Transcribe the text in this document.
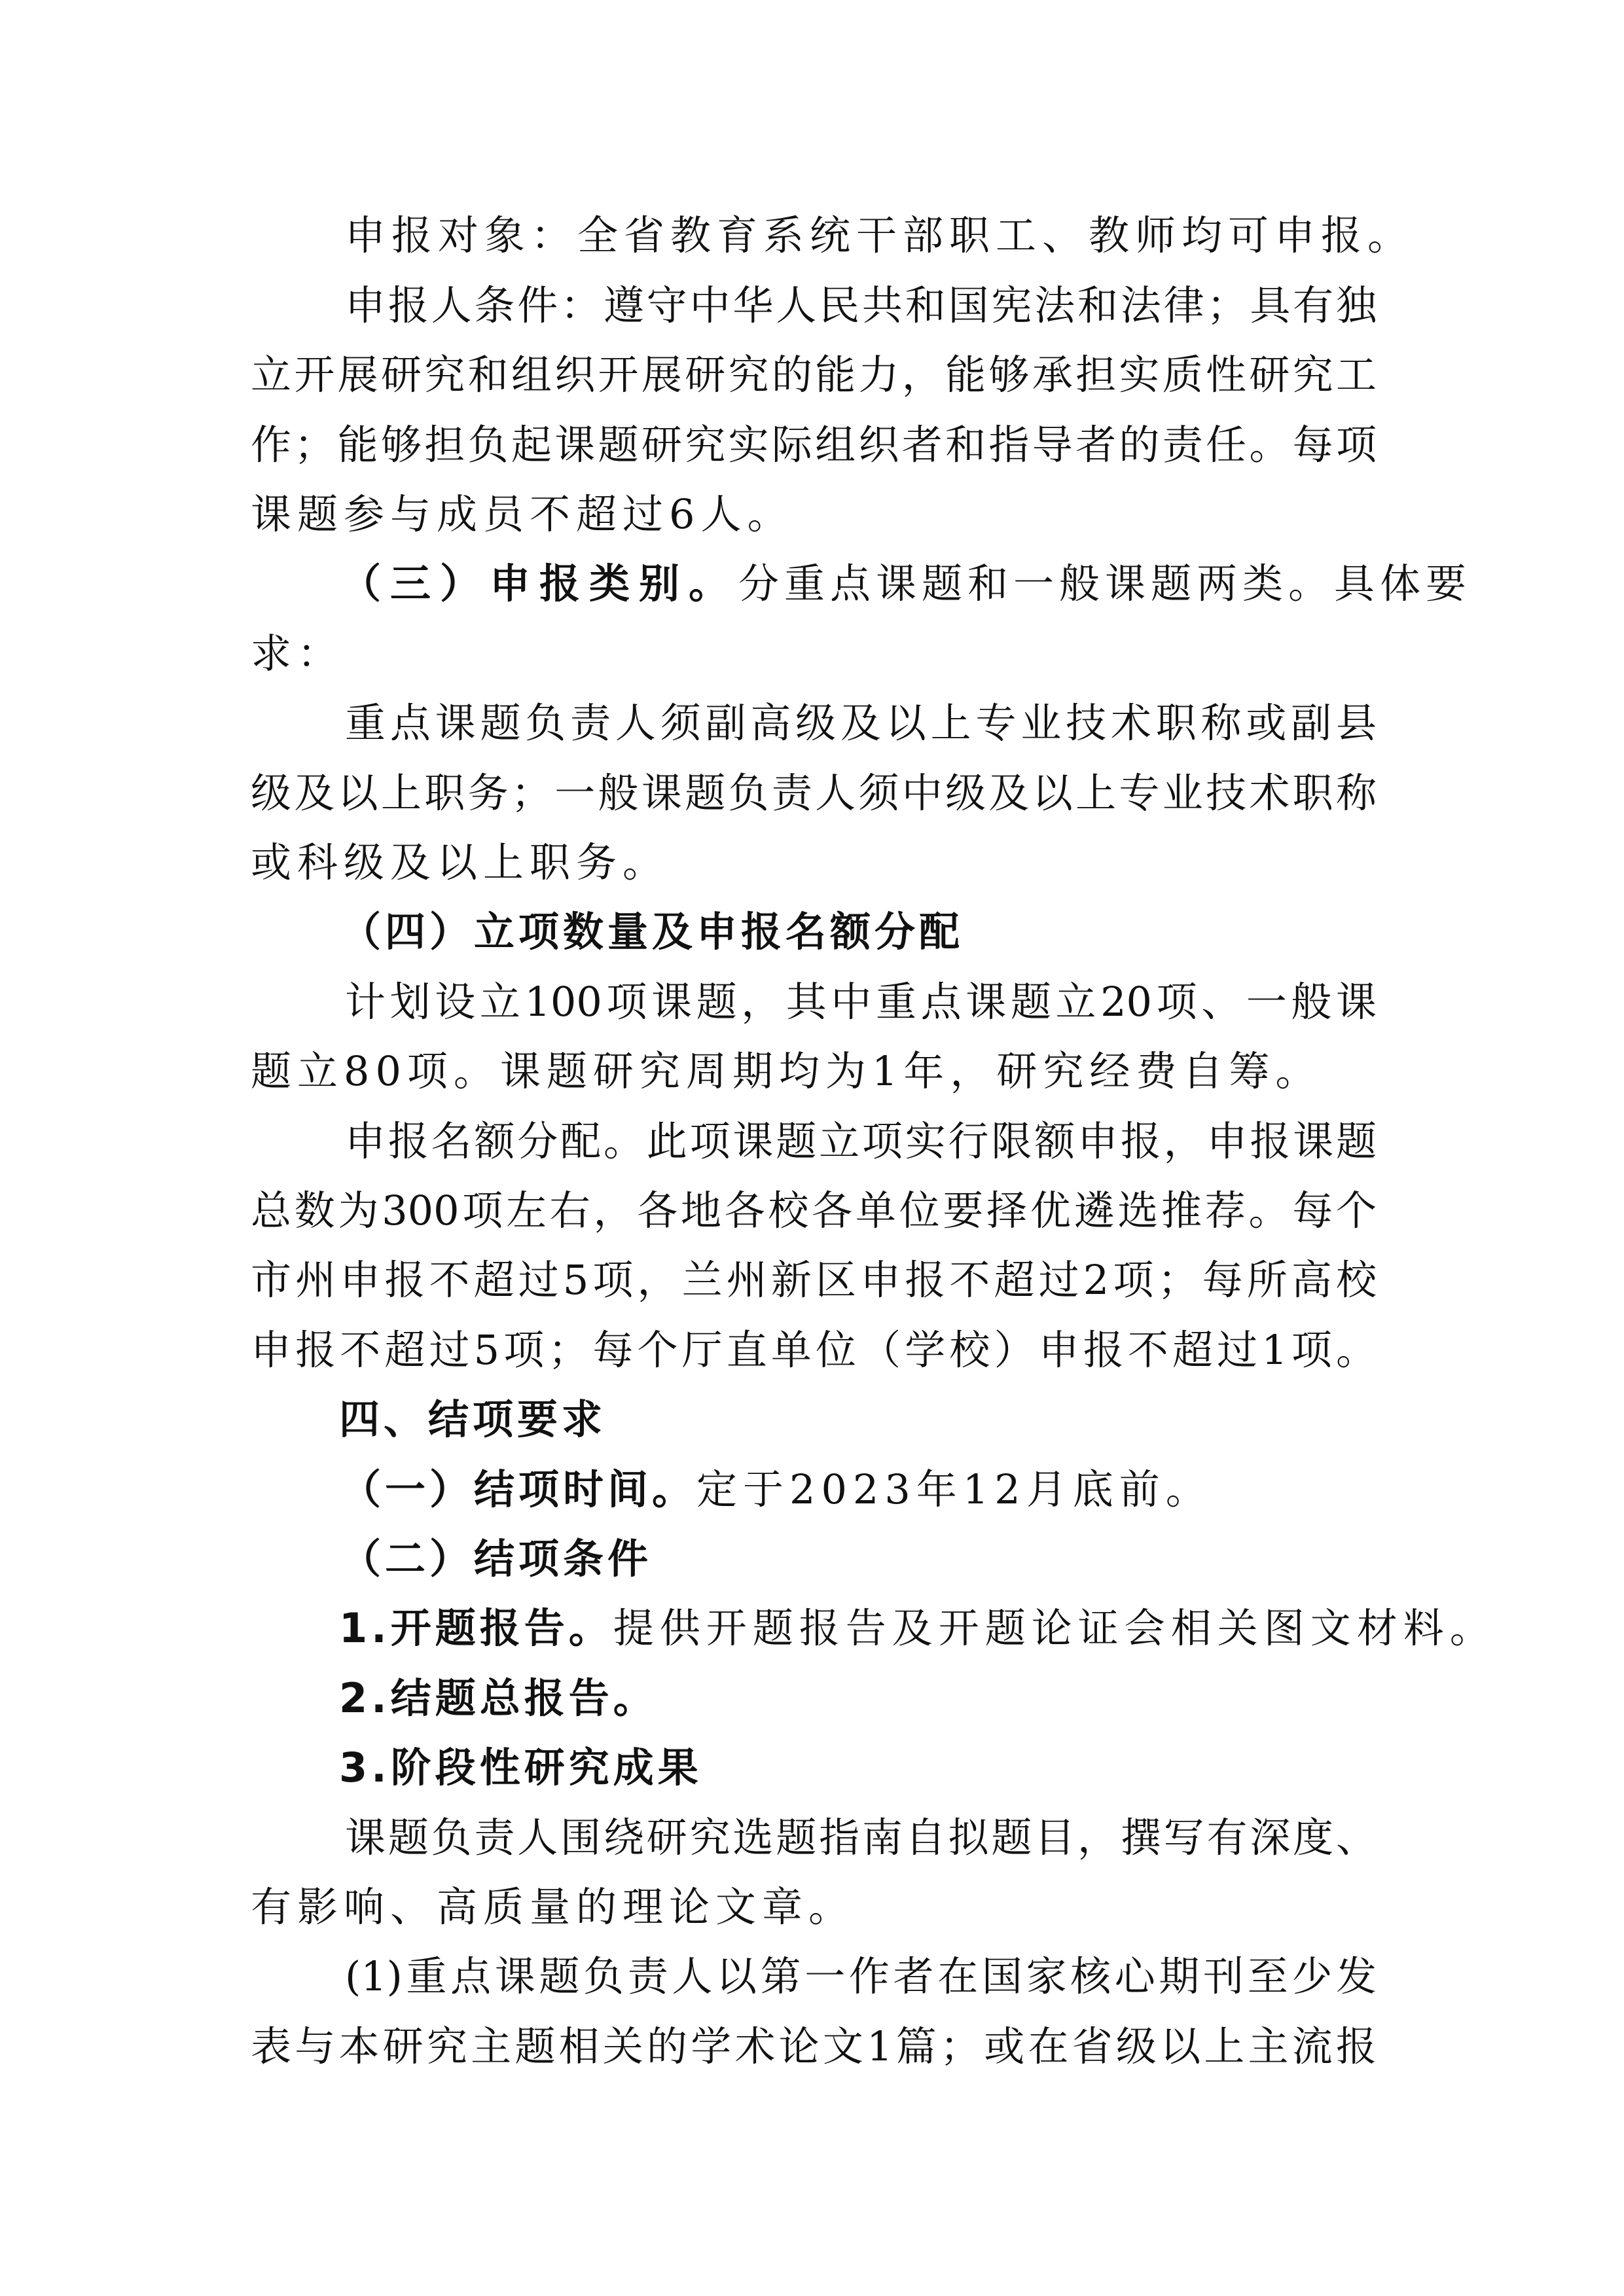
申报对象：全省教育系统干部职工、教师均可申报。
申报人条件：遵守中华人民共和国宪法和法律；具有独
立开展研究和组织开展研究的能力，能够承担实质性研究工
作；能够担负起课题研究实际组织者和指导者的责任。每项
课题参与成员不超过6人。
（三）申报类别。分重点课题和一般课题两类。具体要
求：
重点课题负责人须副高级及以上专业技术职称或副县
级及以上职务；一般课题负责人须中级及以上专业技术职称
或科级及以上职务。
（四）立项数量及申报名额分配
计划设立100项课题，其中重点课题立20项、一般课
题立80项。课题研究周期均为1年，研究经费自筹。
申报名额分配。此项课题立项实行限额申报，申报课题
总数为300项左右，各地各校各单位要择优遴选推荐。每个
市州申报不超过5项，兰州新区申报不超过2项；每所高校
申报不超过5项；每个厅直单位（学校）申报不超过1项。
四、结项要求
（一）结项时间。定于2023年12月底前。
（二）结项条件
1.开题报告。提供开题报告及开题论证会相关图文材料。
2.结题总报告。
3.阶段性研究成果
课题负责人围绕研究选题指南自拟题目，撰写有深度、
有影响、高质量的理论文章。
(1)重点课题负责人以第一作者在国家核心期刊至少发
表与本研究主题相关的学术论文1篇；或在省级以上主流报
